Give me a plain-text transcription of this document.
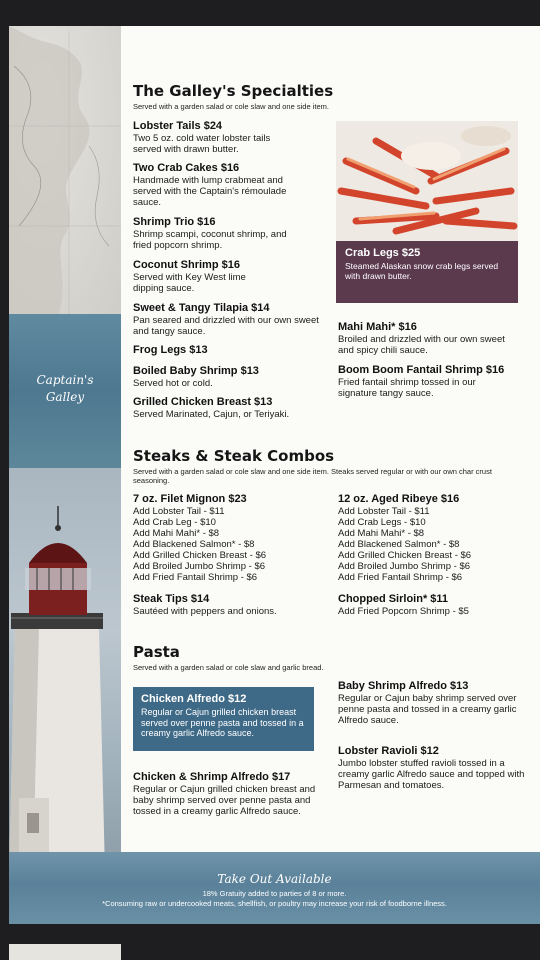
Captain's
Galley
The Galley's Specialties
Served with a garden salad or cole slaw and one side item.
Lobster Tails $24
Two 5 oz. cold water lobster tails served with drawn butter.
Two Crab Cakes $16
Handmade with lump crabmeat and served with the Captain's rémoulade sauce.
Shrimp Trio $16
Shrimp scampi, coconut shrimp, and fried popcorn shrimp.
Coconut Shrimp $16
Served with Key West lime dipping sauce.
Sweet & Tangy Tilapia $14
Pan seared and drizzled with our own sweet and tangy sauce.
Frog Legs $13
Boiled Baby Shrimp $13
Served hot or cold.
Grilled Chicken Breast $13
Served Marinated, Cajun, or Teriyaki.
Crab Legs $25
Steamed Alaskan snow crab legs served with drawn butter.
Mahi Mahi* $16
Broiled and drizzled with our own sweet and spicy chili sauce.
Boom Boom Fantail Shrimp $16
Fried fantail shrimp tossed in our signature tangy sauce.
Steaks & Steak Combos
Served with a garden salad or cole slaw and one side item. Steaks served regular or with our own char crust seasoning.
7 oz. Filet Mignon $23
Add Lobster Tail - $11
Add Crab Leg - $10
Add Mahi Mahi* - $8
Add Blackened Salmon* - $8
Add Grilled Chicken Breast - $6
Add Broiled Jumbo Shrimp - $6
Add Fried Fantail Shrimp - $6
12 oz. Aged Ribeye $16
Add Lobster Tail - $11
Add Crab Legs - $10
Add Mahi Mahi* - $8
Add Blackened Salmon* - $8
Add Grilled Chicken Breast - $6
Add Broiled Jumbo Shrimp - $6
Add Fried Fantail Shrimp - $6
Steak Tips $14
Sautéed with peppers and onions.
Chopped Sirloin* $11
Add Fried Popcorn Shrimp - $5
Pasta
Served with a garden salad or cole slaw and garlic bread.
Chicken Alfredo $12
Regular or Cajun grilled chicken breast served over penne pasta and tossed in a creamy garlic Alfredo sauce.
Chicken & Shrimp Alfredo $17
Regular or Cajun grilled chicken breast and baby shrimp served over penne pasta and tossed in a creamy garlic Alfredo sauce.
Baby Shrimp Alfredo $13
Regular or Cajun baby shrimp served over penne pasta and tossed in a creamy garlic Alfredo sauce.
Lobster Ravioli $12
Jumbo lobster stuffed ravioli tossed in a creamy garlic Alfredo sauce and topped with Parmesan and tomatoes.
Take Out Available
18% Gratuity added to parties of 8 or more.
*Consuming raw or undercooked meats, shellfish, or poultry may increase your risk of foodborne illness.
